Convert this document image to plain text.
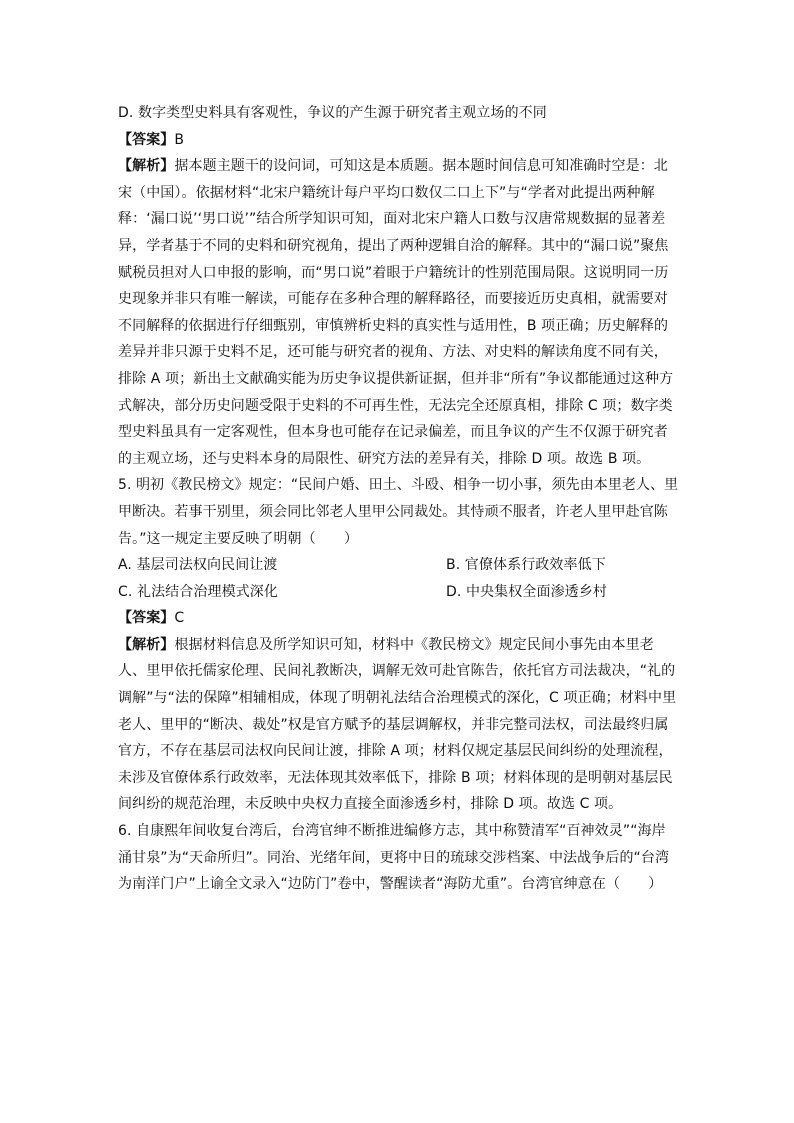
D. 数字类型史料具有客观性，争议的产生源于研究者主观立场的不同
【答案】B
【解析】据本题主题干的设问词，可知这是本质题。据本题时间信息可知准确时空是：北
宋（中国）。依据材料“北宋户籍统计每户平均口数仅二口上下”与“学者对此提出两种解
释：‘漏口说’‘男口说’”结合所学知识可知，面对北宋户籍人口数与汉唐常规数据的显著差
异，学者基于不同的史料和研究视角，提出了两种逻辑自洽的解释。其中的“漏口说”聚焦
赋税员担对人口申报的影响，而“男口说”着眼于户籍统计的性别范围局限。这说明同一历
史现象并非只有唯一解读，可能存在多种合理的解释路径，而要接近历史真相，就需要对
不同解释的依据进行仔细甄别，审慎辨析史料的真实性与适用性，B 项正确；历史解释的
差异并非只源于史料不足，还可能与研究者的视角、方法、对史料的解读角度不同有关，
排除 A 项；新出土文献确实能为历史争议提供新证据，但并非“所有”争议都能通过这种方
式解决，部分历史问题受限于史料的不可再生性，无法完全还原真相，排除 C 项；数字类
型史料虽具有一定客观性，但本身也可能存在记录偏差，而且争议的产生不仅源于研究者
的主观立场，还与史料本身的局限性、研究方法的差异有关，排除 D 项。故选 B 项。
5. 明初《教民榜文》规定：“民间户婚、田土、斗殴、相争一切小事，须先由本里老人、里
甲断决。若事干别里，须会同比邻老人里甲公同裁处。其恃顽不服者，许老人里甲赴官陈
告。”这一规定主要反映了明朝（　　）
A. 基层司法权向民间让渡	B. 官僚体系行政效率低下
C. 礼法结合治理模式深化	D. 中央集权全面渗透乡村
【答案】C
【解析】根据材料信息及所学知识可知，材料中《教民榜文》规定民间小事先由本里老
人、里甲依托儒家伦理、民间礼教断决，调解无效可赴官陈告，依托官方司法裁决，“礼的
调解”与“法的保障”相辅相成，体现了明朝礼法结合治理模式的深化，C 项正确；材料中里
老人、里甲的“断决、裁处”权是官方赋予的基层调解权，并非完整司法权，司法最终归属
官方，不存在基层司法权向民间让渡，排除 A 项；材料仅规定基层民间纠纷的处理流程，
未涉及官僚体系行政效率，无法体现其效率低下，排除 B 项；材料体现的是明朝对基层民
间纠纷的规范治理，未反映中央权力直接全面渗透乡村，排除 D 项。故选 C 项。
6. 自康熙年间收复台湾后，台湾官绅不断推进编修方志，其中称赞清军“百神效灵”“海岸
涌甘泉”为“天命所归”。同治、光绪年间，更将中日的琉球交涉档案、中法战争后的“台湾
为南洋门户”上谕全文录入“边防门”卷中，警醒读者“海防尤重”。台湾官绅意在（　　）
